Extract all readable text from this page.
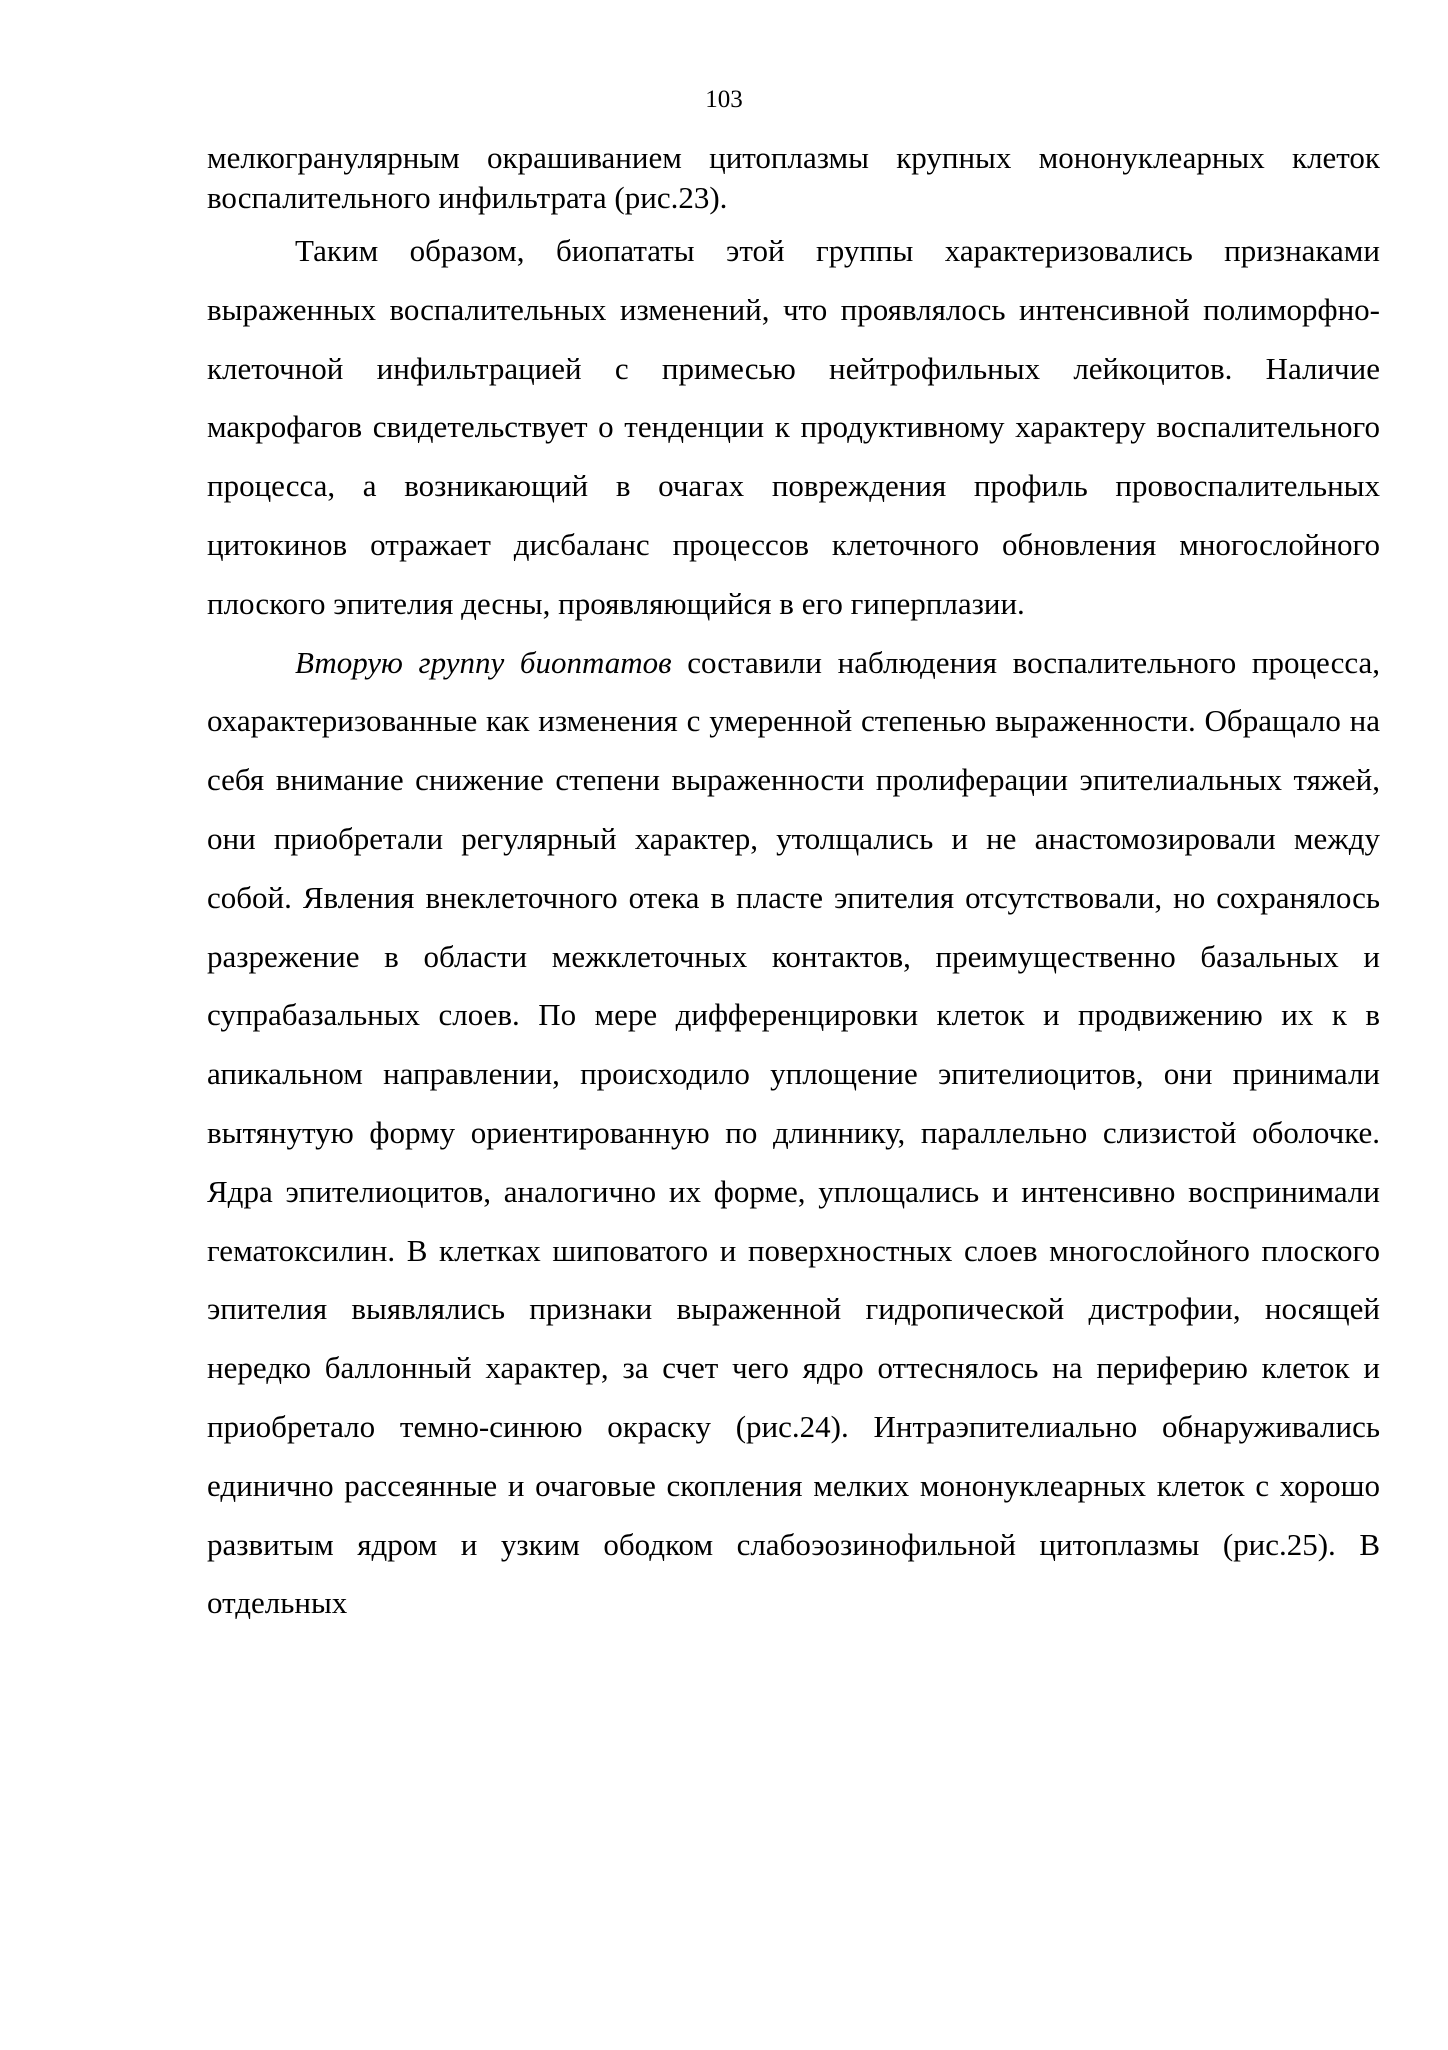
103

мелкогранулярным окрашиванием цитоплазмы крупных мононуклеарных клеток воспалительного инфильтрата (рис.23).

Таким образом, биопататы этой группы характеризовались признаками выраженных воспалительных изменений, что проявлялось интенсивной полиморфно-клеточной инфильтрацией с примесью нейтрофильных лейкоцитов. Наличие макрофагов свидетельствует о тенденции к продуктивному характеру воспалительного процесса, а возникающий в очагах повреждения профиль провоспалительных цитокинов отражает дисбаланс процессов клеточного обновления многослойного плоского эпителия десны, проявляющийся в его гиперплазии.

Вторую группу биоптатов составили наблюдения воспалительного процесса, охарактеризованные как изменения с умеренной степенью выраженности. Обращало на себя внимание снижение степени выраженности пролиферации эпителиальных тяжей, они приобретали регулярный характер, утолщались и не анастомозировали между собой. Явления внеклеточного отека в пласте эпителия отсутствовали, но сохранялось разрежение в области межклеточных контактов, преимущественно базальных и супрабазальных слоев. По мере дифференцировки клеток и продвижению их к в апикальном направлении, происходило уплощение эпителиоцитов, они принимали вытянутую форму ориентированную по длиннику, параллельно слизистой оболочке. Ядра эпителиоцитов, аналогично их форме, уплощались и интенсивно воспринимали гематоксилин. В клетках шиповатого и поверхностных слоев многослойного плоского эпителия выявлялись признаки выраженной гидропической дистрофии, носящей нередко баллонный характер, за счет чего ядро оттеснялось на периферию клеток и приобретало темно-синюю окраску (рис.24). Интраэпителиально обнаруживались единично рассеянные и очаговые скопления мелких мононуклеарных клеток с хорошо развитым ядром и узким ободком слабоэозинофильной цитоплазмы (рис.25). В отдельных
